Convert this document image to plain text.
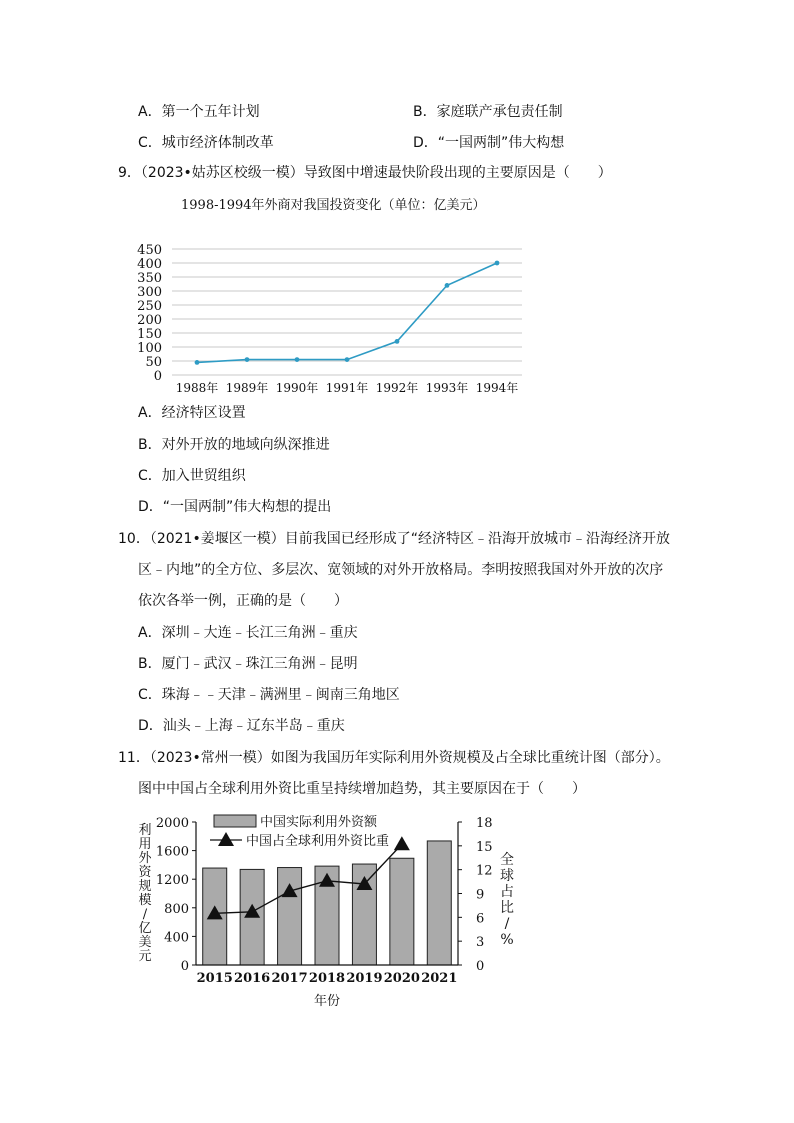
A．第一个五年计划	B．家庭联产承包责任制
C．城市经济体制改革	D．“一国两制”伟大构想
9．（2023•姑苏区校级一模）导致图中增速最快阶段出现的主要原因是（　　）
1998-1994年外商对我国投资变化（单位：亿美元）
0
50
100
150
200
250
300
350
400
450
1988年 1989年 1990年 1991年 1992年 1993年 1994年
A．经济特区设置
B．对外开放的地域向纵深推进
C．加入世贸组织
D．“一国两制”伟大构想的提出
10．（2021•姜堰区一模）目前我国已经形成了“经济特区﹣沿海开放城市﹣沿海经济开放
区﹣内地”的全方位、多层次、宽领域的对外开放格局。李明按照我国对外开放的次序
依次各举一例，正确的是（　　）
A．深圳﹣大连﹣长江三角洲﹣重庆
B．厦门﹣武汉﹣珠江三角洲﹣昆明
C．珠海﹣﹣天津﹣满洲里﹣闽南三角地区
D．汕头﹣上海﹣辽东半岛﹣重庆
11．（2023•常州一模）如图为我国历年实际利用外资规模及占全球比重统计图（部分）。
图中中国占全球利用外资比重呈持续增加趋势，其主要原因在于（　　）
0
400
800
1200
1600
2000
0
3
6
9
12
15
18
2015 2016 2017 2018 2019 2020 2021
年份
利
用
外
资
规
模
/
亿
美
元
全
球
占
比
/
%
中国实际利用外资额
中国占全球利用外资比重
